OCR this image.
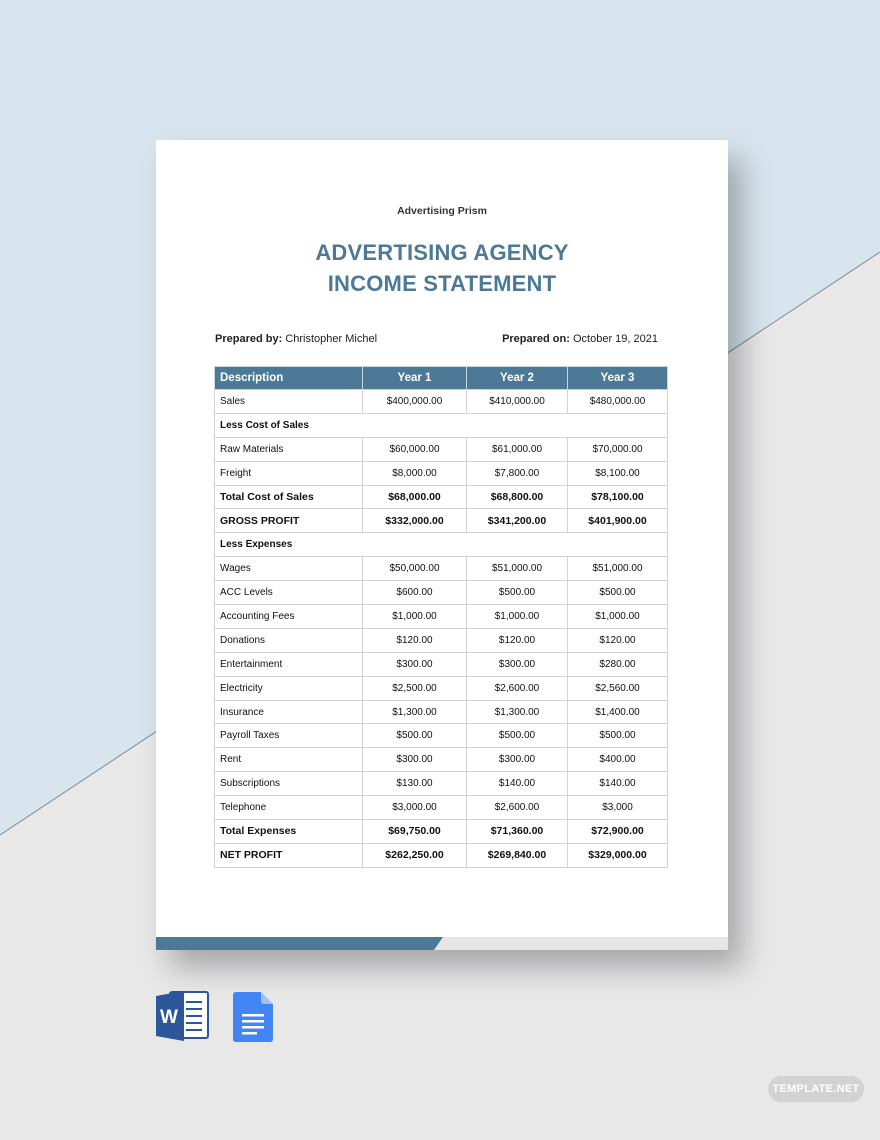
Advertising Prism
ADVERTISING AGENCY
INCOME STATEMENT
Prepared by: Christopher Michel	Prepared on: October 19, 2021
Description	Year 1	Year 2	Year 3
Sales	$400,000.00	$410,000.00	$480,000.00
Less Cost of Sales			
Raw Materials	$60,000.00	$61,000.00	$70,000.00
Freight	$8,000.00	$7,800.00	$8,100.00
Total Cost of Sales	$68,000.00	$68,800.00	$78,100.00
GROSS PROFIT	$332,000.00	$341,200.00	$401,900.00
Less Expenses			
Wages	$50,000.00	$51,000.00	$51,000.00
ACC Levels	$600.00	$500.00	$500.00
Accounting Fees	$1,000.00	$1,000.00	$1,000.00
Donations	$120.00	$120.00	$120.00
Entertainment	$300.00	$300.00	$280.00
Electricity	$2,500.00	$2,600.00	$2,560.00
Insurance	$1,300.00	$1,300.00	$1,400.00
Payroll Taxes	$500.00	$500.00	$500.00
Rent	$300.00	$300.00	$400.00
Subscriptions	$130.00	$140.00	$140.00
Telephone	$3,000.00	$2,600.00	$3,000
Total Expenses	$69,750.00	$71,360.00	$72,900.00
NET PROFIT	$262,250.00	$269,840.00	$329,000.00
W
TEMPLATE.NET
